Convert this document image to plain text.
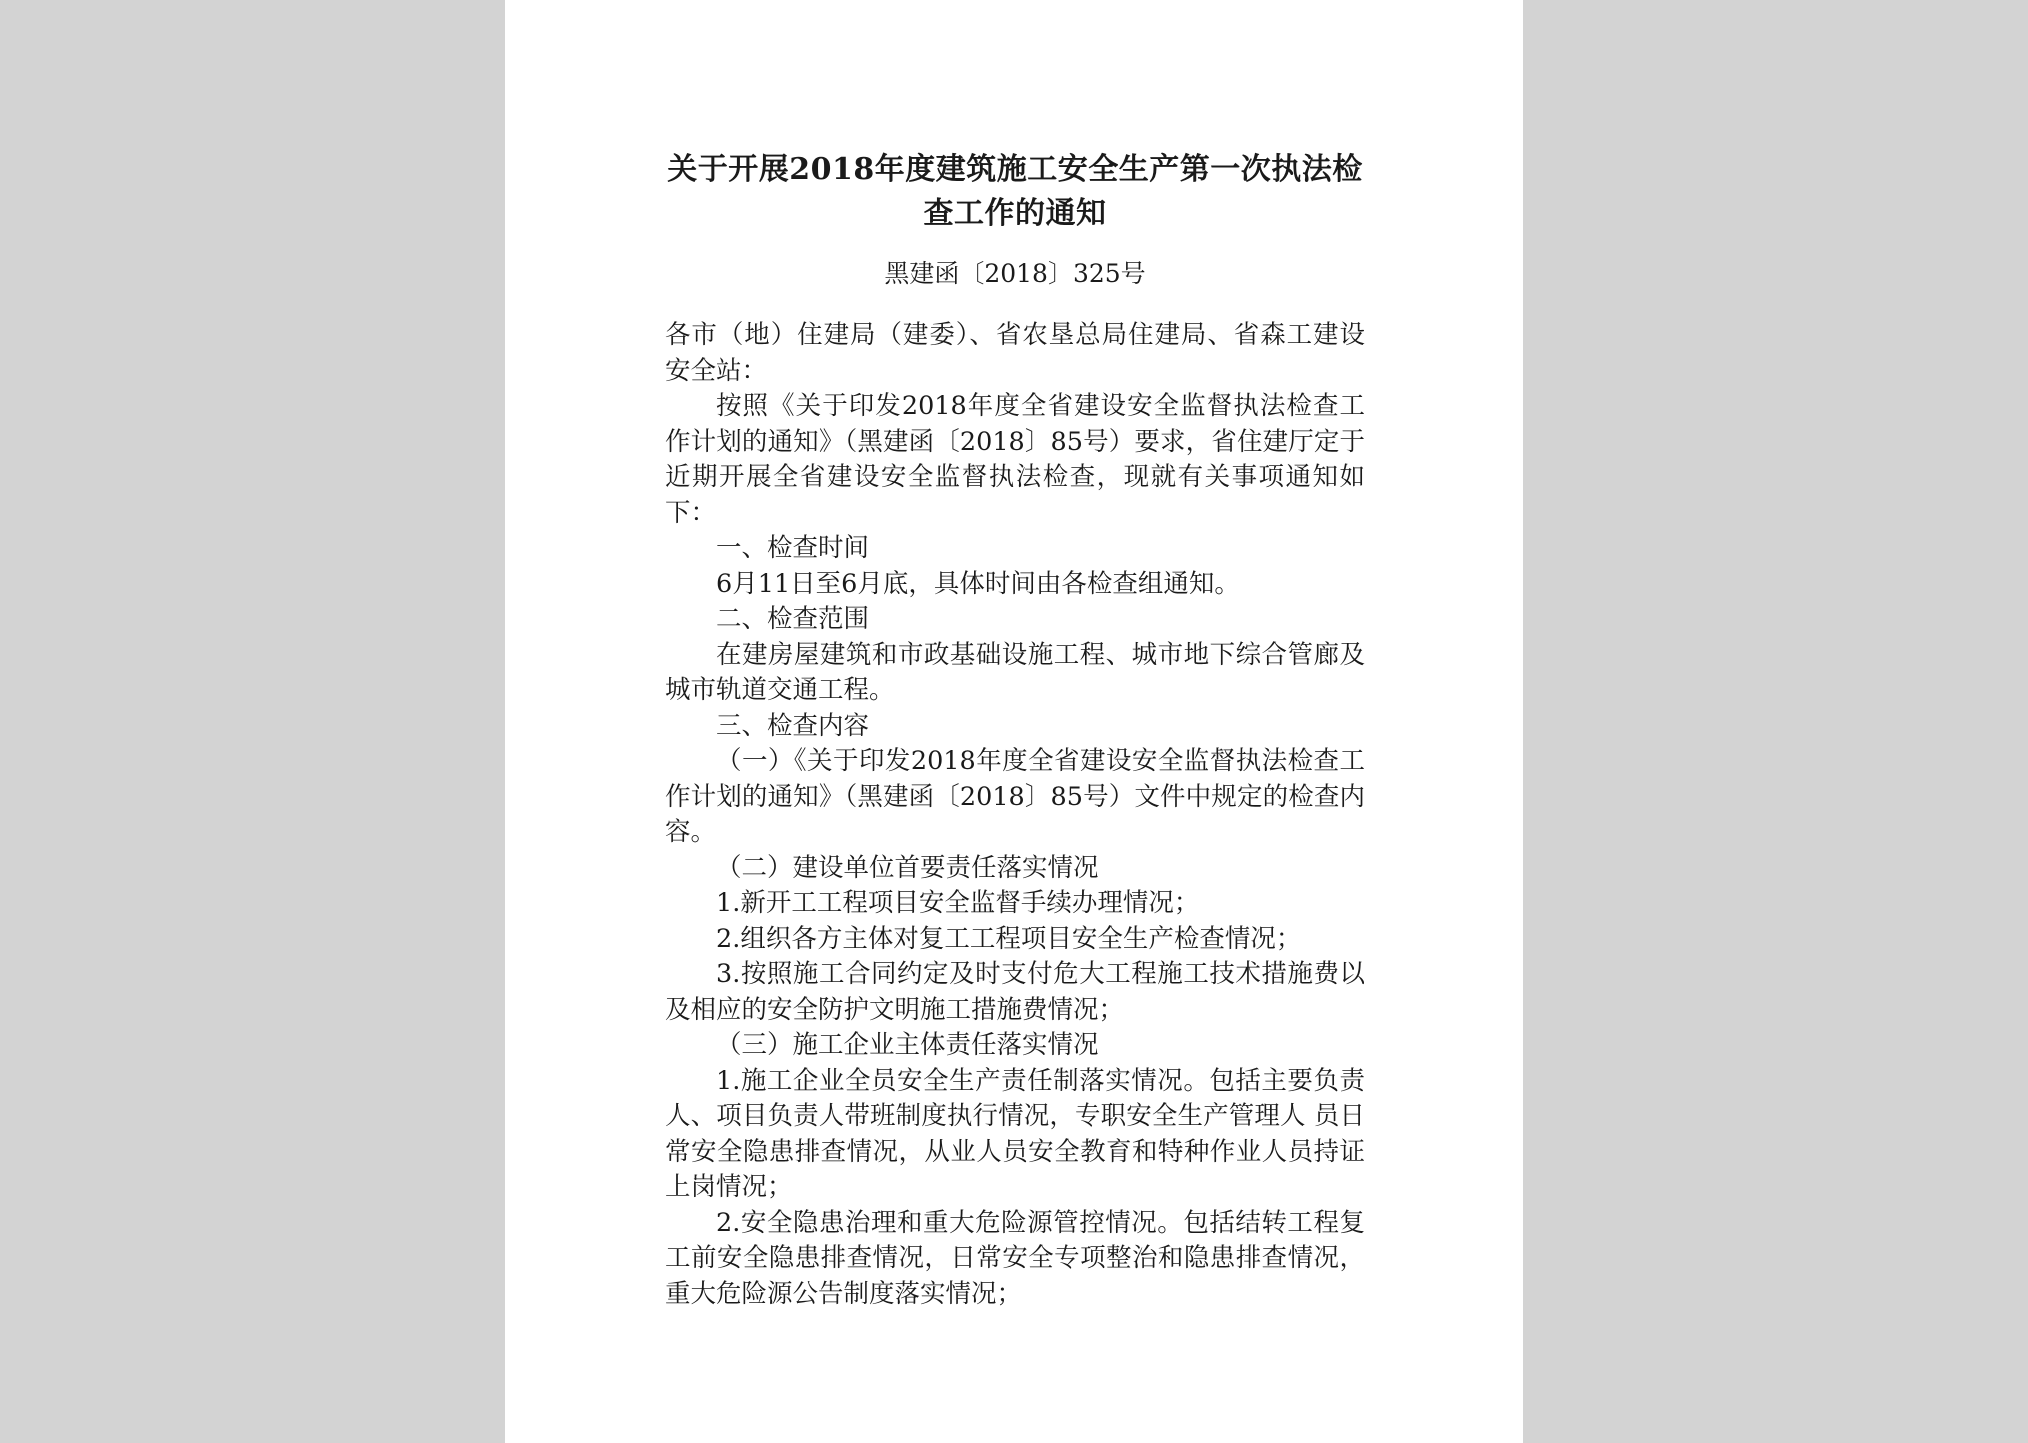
关于开展2018年度建筑施工安全生产第一次执法检查工作的通知
黑建函〔2018〕325号

各市（地）住建局（建委）、省农垦总局住建局、省森工建设安全站：

按照《关于印发2018年度全省建设安全监督执法检查工作计划的通知》（黑建函〔2018〕85号）要求，省住建厅定于近期开展全省建设安全监督执法检查，现就有关事项通知如下：

一、检查时间

6月11日至6月底，具体时间由各检查组通知。

二、检查范围

在建房屋建筑和市政基础设施工程、城市地下综合管廊及城市轨道交通工程。

三、检查内容

（一）《关于印发2018年度全省建设安全监督执法检查工作计划的通知》（黑建函〔2018〕85号）文件中规定的检查内容。

（二）建设单位首要责任落实情况

1.新开工工程项目安全监督手续办理情况；

2.组织各方主体对复工工程项目安全生产检查情况；

3.按照施工合同约定及时支付危大工程施工技术措施费以及相应的安全防护文明施工措施费情况；

（三）施工企业主体责任落实情况

1.施工企业全员安全生产责任制落实情况。包括主要负责人、项目负责人带班制度执行情况，专职安全生产管理人 员日常安全隐患排查情况，从业人员安全教育和特种作业人员持证上岗情况；

2.安全隐患治理和重大危险源管控情况。包括结转工程复工前安全隐患排查情况，日常安全专项整治和隐患排查情况，重大危险源公告制度落实情况；
